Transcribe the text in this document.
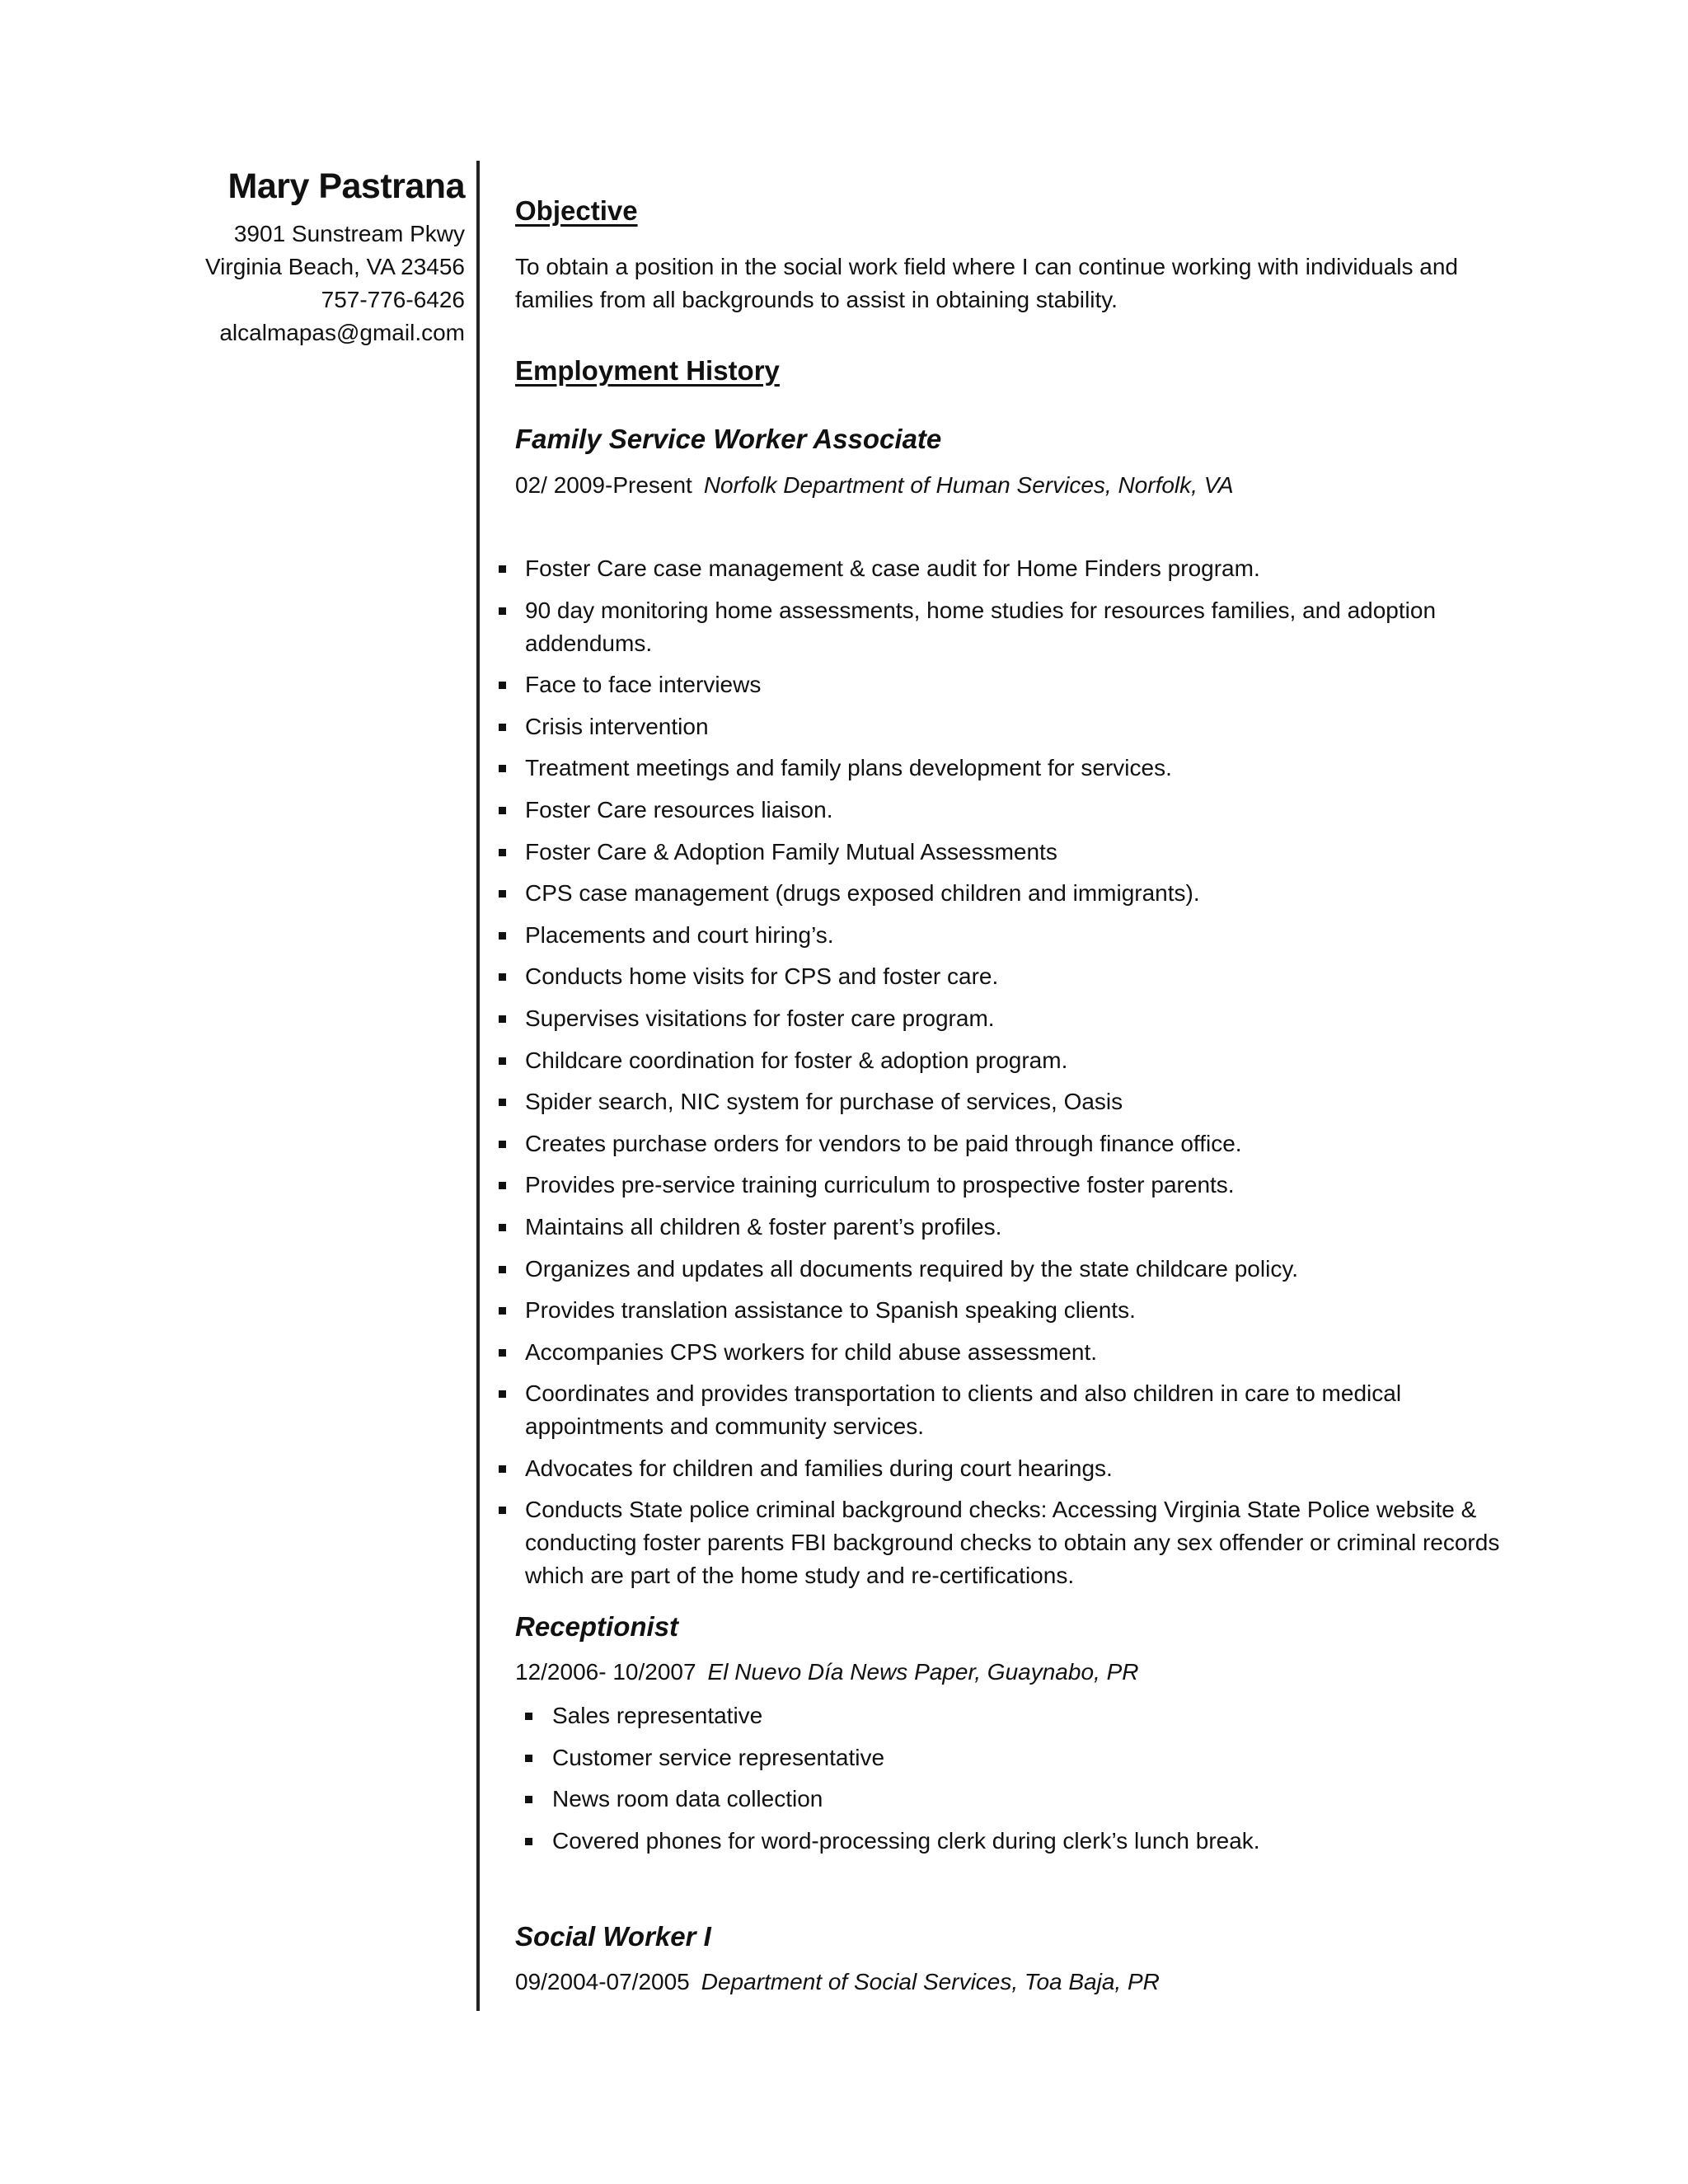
Mary Pastrana
3901 Sunstream Pkwy
Virginia Beach, VA 23456
757-776-6426
alcalmapas@gmail.com
Objective
To obtain a position in the social work field where I can continue working with individuals and families from all backgrounds to assist in obtaining stability.
Employment History
Family Service Worker Associate
02/ 2009-Present Norfolk Department of Human Services, Norfolk, VA
Foster Care case management & case audit for Home Finders program.
90 day monitoring home assessments, home studies for resources families, and adoption addendums.
Face to face interviews
Crisis intervention
Treatment meetings and family plans development for services.
Foster Care resources liaison.
Foster Care & Adoption Family Mutual Assessments
CPS case management (drugs exposed children and immigrants).
Placements and court hiring’s.
Conducts home visits for CPS and foster care.
Supervises visitations for foster care program.
Childcare coordination for foster & adoption program.
Spider search, NIC system for purchase of services, Oasis
Creates purchase orders for vendors to be paid through finance office.
Provides pre-service training curriculum to prospective foster parents.
Maintains all children & foster parent’s profiles.
Organizes and updates all documents required by the state childcare policy.
Provides translation assistance to Spanish speaking clients.
Accompanies CPS workers for child abuse assessment.
Coordinates and provides transportation to clients and also children in care to medical appointments and community services.
Advocates for children and families during court hearings.
Conducts State police criminal background checks: Accessing Virginia State Police website & conducting foster parents FBI background checks to obtain any sex offender or criminal records which are part of the home study and re-certifications.
Receptionist
12/2006- 10/2007 El Nuevo Día News Paper, Guaynabo, PR
Sales representative
Customer service representative
News room data collection
Covered phones for word-processing clerk during clerk’s lunch break.
Social Worker I
09/2004-07/2005 Department of Social Services, Toa Baja, PR
